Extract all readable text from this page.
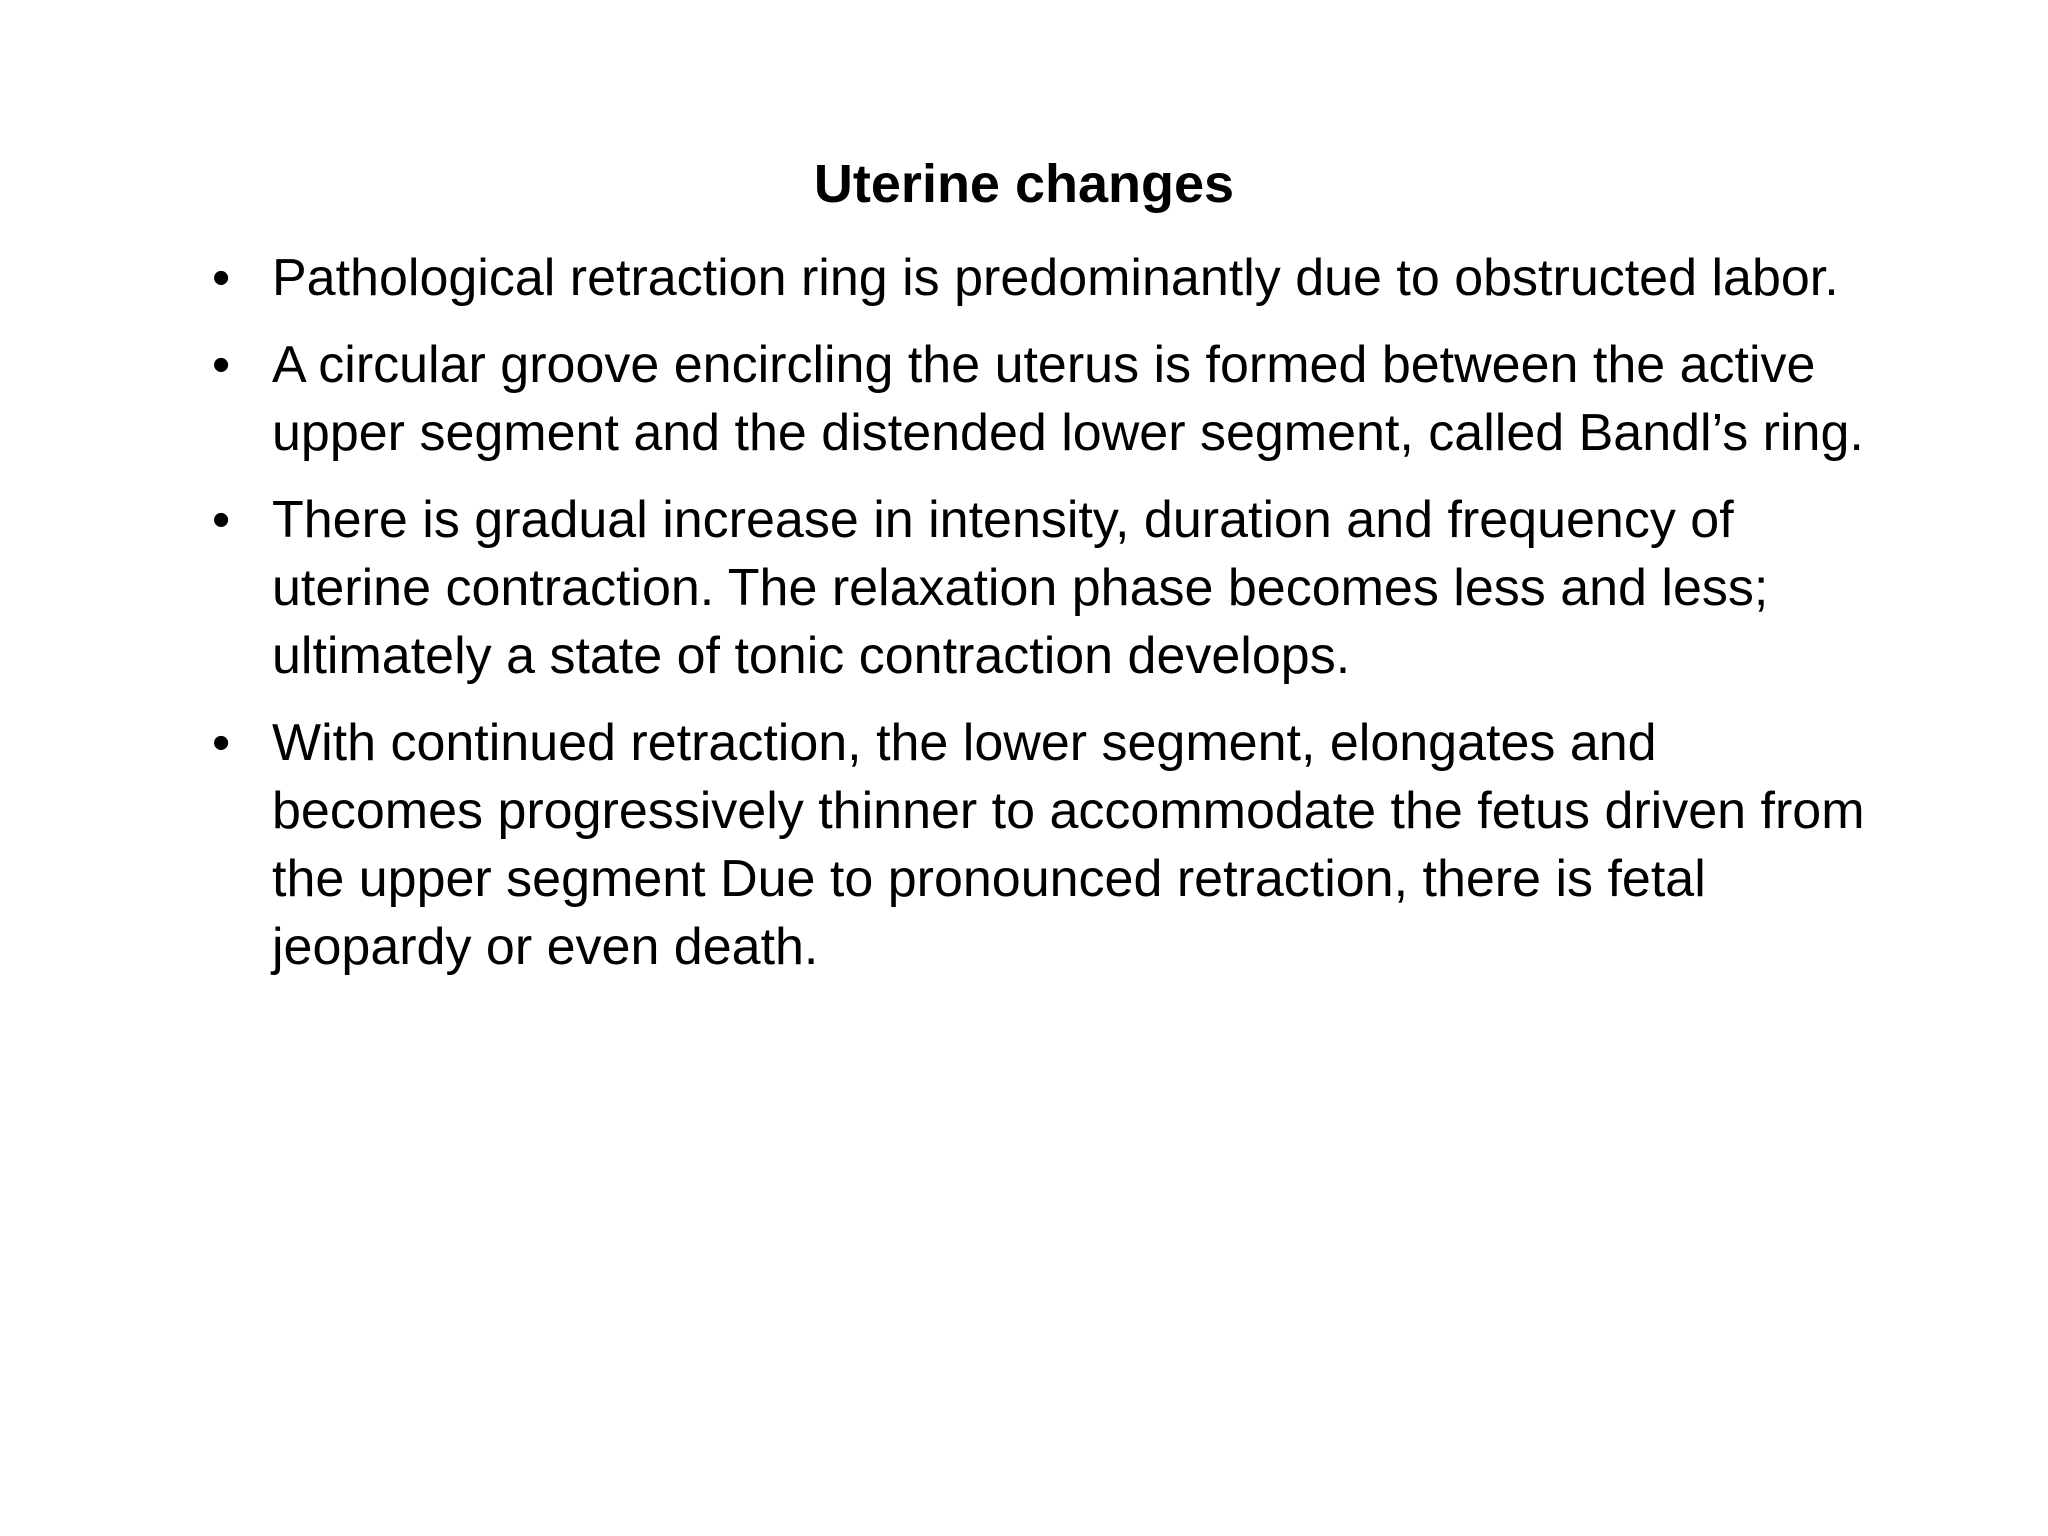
Uterine changes
• Pathological retraction ring is predominantly due to obstructed labor.
• A circular groove encircling the uterus is formed between the active upper segment and the distended lower segment, called Bandl’s ring.
• There is gradual increase in intensity, duration and frequency of uterine contraction. The relaxation phase becomes less and less; ultimately a state of tonic contraction develops.
• With continued retraction, the lower segment, elongates and becomes progressively thinner to accommodate the fetus driven from the upper segment Due to pronounced retraction, there is fetal jeopardy or even death.
